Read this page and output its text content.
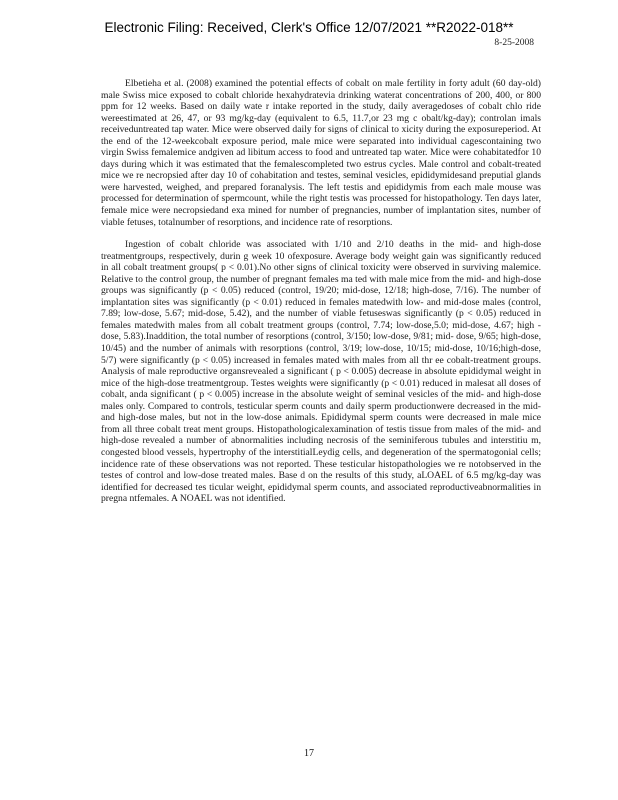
Electronic Filing: Received, Clerk's Office 12/07/2021 **R2022-018**
8-25-2008

Elbetieha et al. (2008) examined the potential effects of cobalt on male fertility in forty adult (60 day-old) male Swiss mice exposed to cobalt chloride hexahydratevia drinking waterat concentrations of 200, 400, or 800 ppm for 12 weeks. Based on daily wate r intake reported in the study, daily averagedoses of cobalt chlo ride wereestimated at 26, 47, or 93 mg/kg-day (equivalent to 6.5, 11.7,or 23 mg c obalt/kg-day); controlan imals receiveduntreated tap water. Mice were observed daily for signs of clinical to xicity during the exposureperiod. At the end of the 12-weekcobalt exposure period, male mice were separated into individual cagescontaining two virgin Swiss femalemice andgiven ad libitum access to food and untreated tap water. Mice were cohabitatedfor 10 days during which it was estimated that the femalescompleted two estrus cycles. Male control and cobalt-treated mice we re necropsied after day 10 of cohabitation and testes, seminal vesicles, epididymidesand preputial glands were harvested, weighed, and prepared foranalysis. The left testis and epididymis from each male mouse was processed for determination of spermcount, while the right testis was processed for histopathology. Ten days later, female mice were necropsiedand exa mined for number of pregnancies, number of implantation sites, number of viable fetuses, totalnumber of resorptions, and incidence rate of resorptions.

Ingestion of cobalt chloride was associated with 1/10 and 2/10 deaths in the mid- and high-dose treatmentgroups, respectively, durin g week 10 ofexposure. Average body weight gain was significantly reduced in all cobalt treatment groups( p < 0.01).No other signs of clinical toxicity were observed in surviving malemice. Relative to the control group, the number of pregnant females ma ted with male mice from the mid- and high-dose groups was significantly (p < 0.05) reduced (control, 19/20; mid-dose, 12/18; high-dose, 7/16). The number of implantation sites was significantly (p < 0.01) reduced in females matedwith low- and mid-dose males (control, 7.89; low-dose, 5.67; mid-dose, 5.42), and the number of viable fetuseswas significantly (p < 0.05) reduced in females matedwith males from all cobalt treatment groups (control, 7.74; low-dose,5.0; mid-dose, 4.67; high -dose, 5.83).Inaddition, the total number of resorptions (control, 3/150; low-dose, 9/81; mid- dose, 9/65; high-dose, 10/45) and the number of animals with resorptions (control, 3/19; low-dose, 10/15; mid-dose, 10/16;high-dose, 5/7) were significantly (p < 0.05) increased in females mated with males from all thr ee cobalt-treatment groups. Analysis of male reproductive organsrevealed a significant ( p < 0.005) decrease in absolute epididymal weight in mice of the high-dose treatmentgroup. Testes weights were significantly (p < 0.01) reduced in malesat all doses of cobalt, anda significant ( p < 0.005) increase in the absolute weight of seminal vesicles of the mid- and high-dose males only. Compared to controls, testicular sperm counts and daily sperm productionwere decreased in the mid- and high-dose males, but not in the low-dose animals. Epididymal sperm counts were decreased in male mice from all three cobalt treat ment groups. Histopathologicalexamination of testis tissue from males of the mid- and high-dose revealed a number of abnormalities including necrosis of the seminiferous tubules and interstitiu m, congested blood vessels, hypertrophy of the interstitialLeydig cells, and degeneration of the spermatogonial cells; incidence rate of these observations was not reported. These testicular histopathologies we re notobserved in the testes of control and low-dose treated males. Base d on the results of this study, aLOAEL of 6.5 mg/kg-day was identified for decreased tes ticular weight, epididymal sperm counts, and associated reproductiveabnormalities in pregna ntfemales. A NOAEL was not identified.

17
